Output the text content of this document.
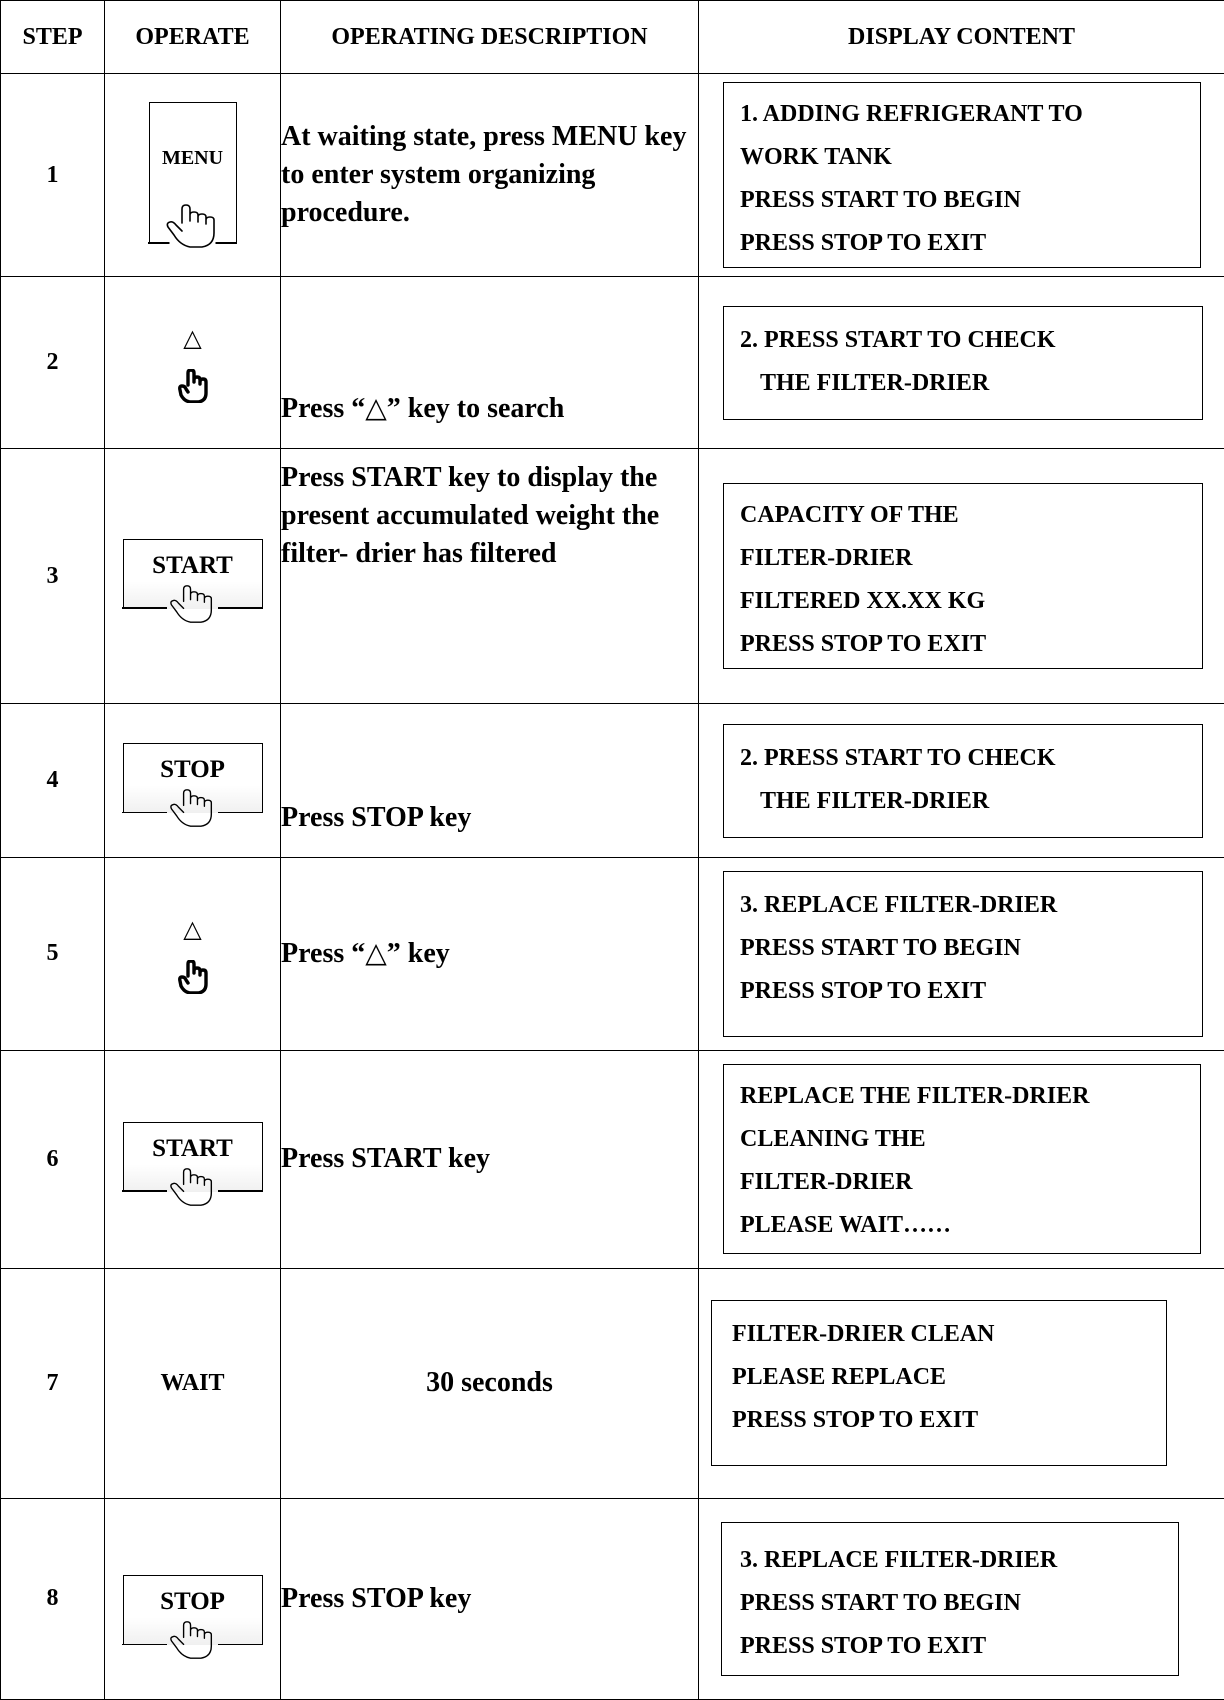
STEP	OPERATE	OPERATING DESCRIPTION	DISPLAY CONTENT
1	MENU	At waiting state, press MENU key to enter system organizing procedure.	1. ADDING REFRIGERANT TO
WORK TANK
PRESS START TO BEGIN
PRESS STOP TO EXIT

2	△	Press “△” key to search	2. PRESS START TO CHECK
THE FILTER-DRIER

3	START	Press START key to display the present accumulated weight the filter- drier has filtered	CAPACITY OF THE
FILTER-DRIER
FILTERED XX.XX KG
PRESS STOP TO EXIT

4	STOP	Press STOP key	2. PRESS START TO CHECK
THE FILTER-DRIER

5	△	Press “△” key	3. REPLACE FILTER-DRIER
PRESS START TO BEGIN
PRESS STOP TO EXIT

6	START	Press START key	REPLACE THE FILTER-DRIER
CLEANING THE
FILTER-DRIER
PLEASE WAIT……

7	WAIT	30 seconds	FILTER-DRIER CLEAN
PLEASE REPLACE
PRESS STOP TO EXIT

8	STOP	Press STOP key	3. REPLACE FILTER-DRIER
PRESS START TO BEGIN
PRESS STOP TO EXIT
